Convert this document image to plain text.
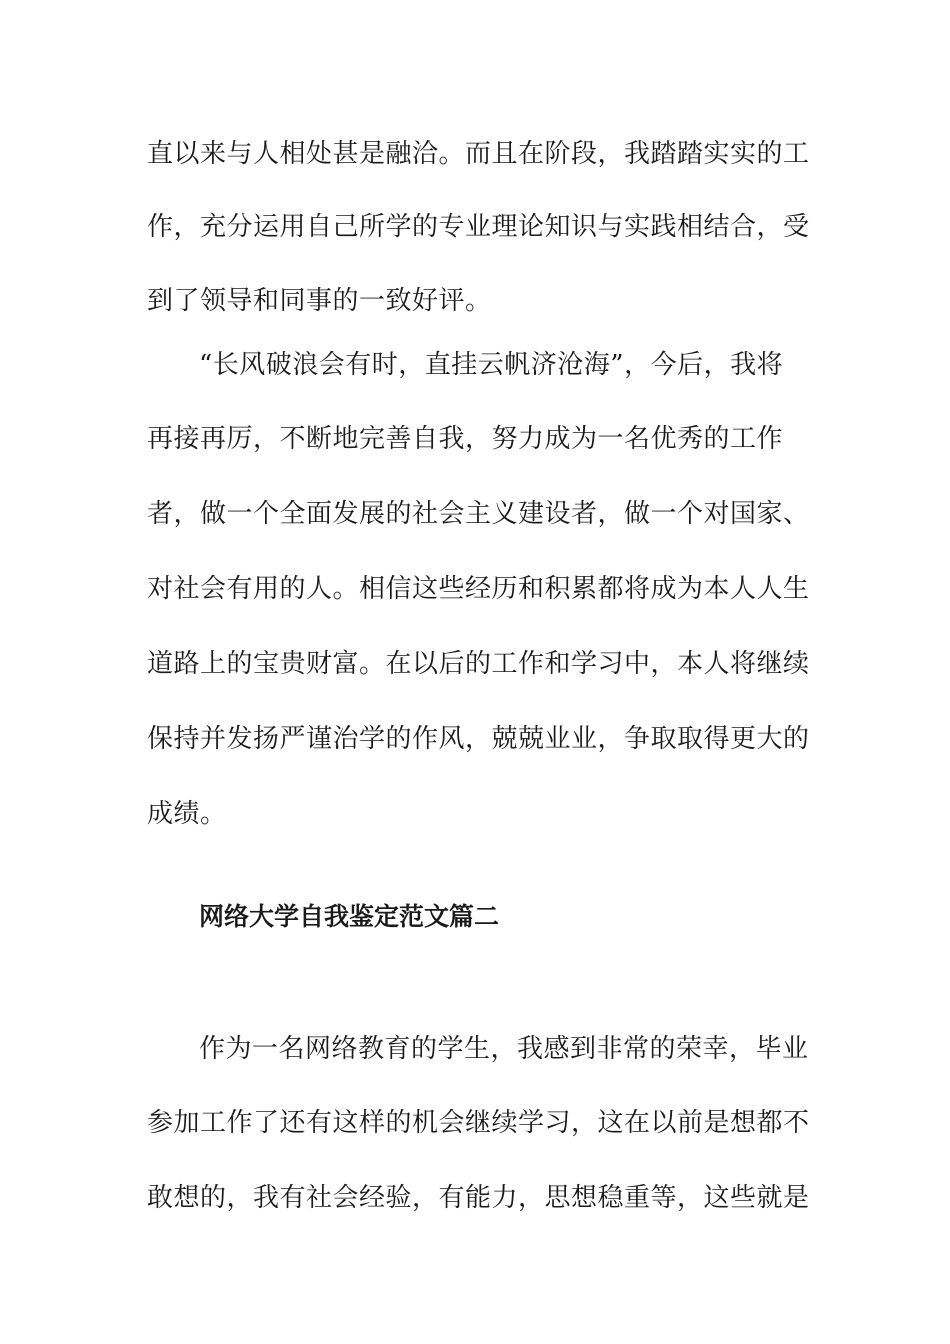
直以来与人相处甚是融洽。而且在阶段，我踏踏实实的工
作，充分运用自己所学的专业理论知识与实践相结合，受
到了领导和同事的一致好评。
“长风破浪会有时，直挂云帆济沧海”，今后，我将
再接再厉，不断地完善自我，努力成为一名优秀的工作
者，做一个全面发展的社会主义建设者，做一个对国家、
对社会有用的人。相信这些经历和积累都将成为本人人生
道路上的宝贵财富。在以后的工作和学习中，本人将继续
保持并发扬严谨治学的作风，兢兢业业，争取取得更大的
成绩。
网络大学自我鉴定范文篇二
作为一名网络教育的学生，我感到非常的荣幸，毕业
参加工作了还有这样的机会继续学习，这在以前是想都不
敢想的，我有社会经验，有能力，思想稳重等，这些就是
